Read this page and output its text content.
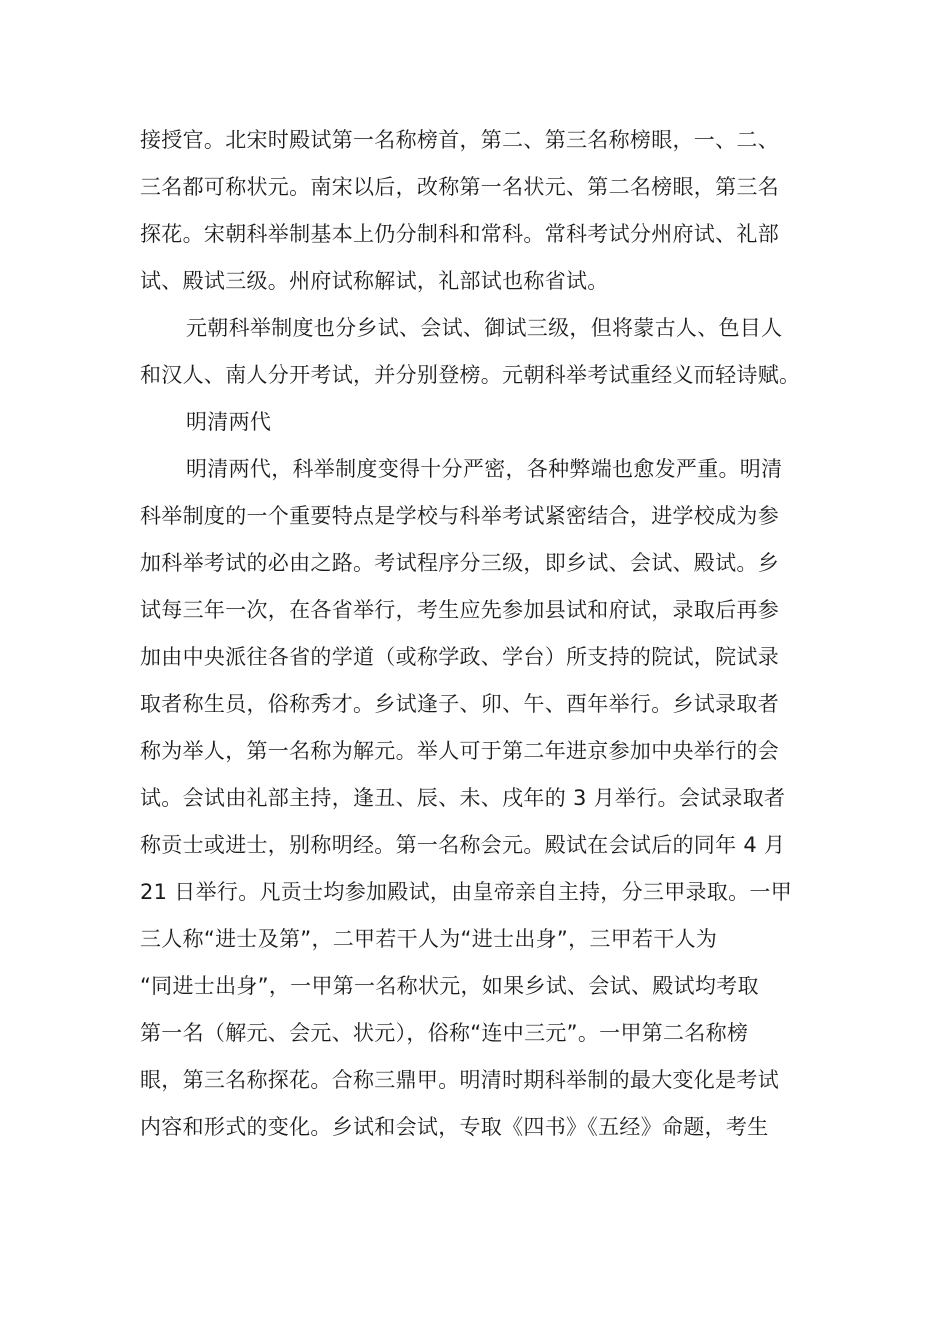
接授官。北宋时殿试第一名称榜首，第二、第三名称榜眼，一、二、
三名都可称状元。南宋以后，改称第一名状元、第二名榜眼，第三名
探花。宋朝科举制基本上仍分制科和常科。常科考试分州府试、礼部
试、殿试三级。州府试称解试，礼部试也称省试。
元朝科举制度也分乡试、会试、御试三级，但将蒙古人、色目人
和汉人、南人分开考试，并分别登榜。元朝科举考试重经义而轻诗赋。
明清两代
明清两代，科举制度变得十分严密，各种弊端也愈发严重。明清
科举制度的一个重要特点是学校与科举考试紧密结合，进学校成为参
加科举考试的必由之路。考试程序分三级，即乡试、会试、殿试。乡
试每三年一次，在各省举行，考生应先参加县试和府试，录取后再参
加由中央派往各省的学道（或称学政、学台）所支持的院试，院试录
取者称生员，俗称秀才。乡试逢子、卯、午、酉年举行。乡试录取者
称为举人，第一名称为解元。举人可于第二年进京参加中央举行的会
试。会试由礼部主持，逢丑、辰、未、戌年的 3 月举行。会试录取者
称贡士或进士，别称明经。第一名称会元。殿试在会试后的同年 4 月
21 日举行。凡贡士均参加殿试，由皇帝亲自主持，分三甲录取。一甲
三人称“进士及第”，二甲若干人为“进士出身”，三甲若干人为
“同进士出身”，一甲第一名称状元，如果乡试、会试、殿试均考取
第一名（解元、会元、状元），俗称“连中三元”。一甲第二名称榜
眼，第三名称探花。合称三鼎甲。明清时期科举制的最大变化是考试
内容和形式的变化。乡试和会试，专取《四书》《五经》命题，考生
